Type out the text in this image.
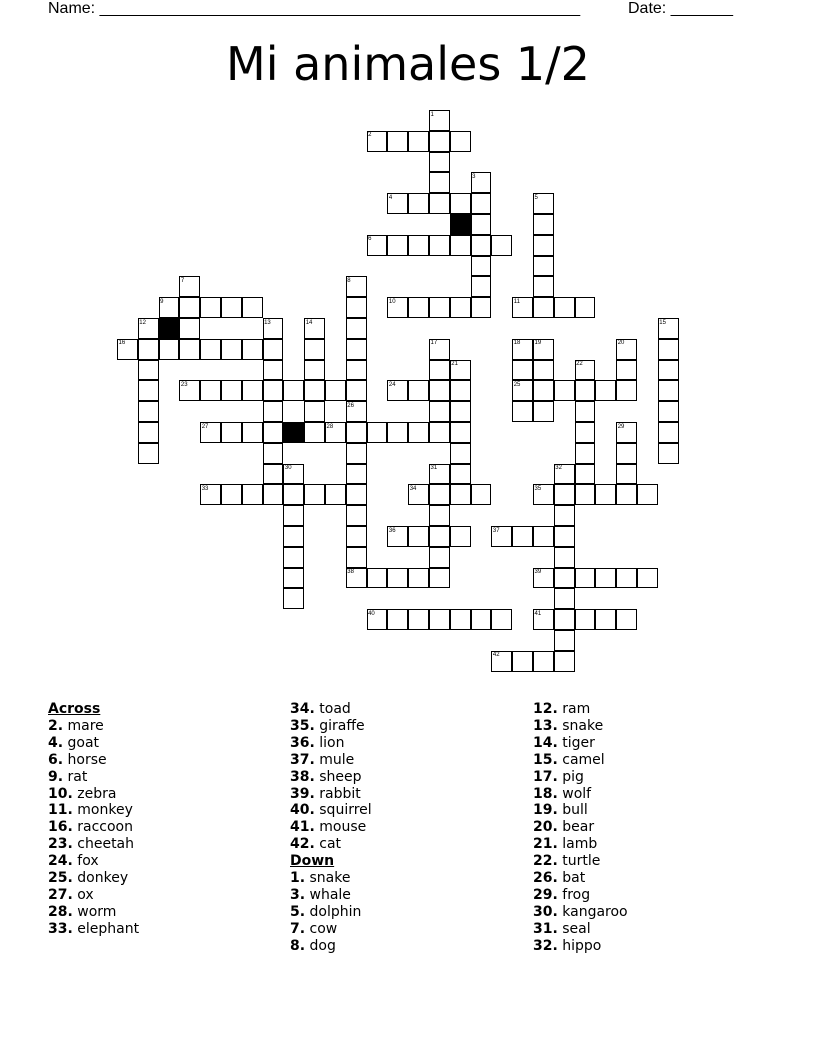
Name: ______________________________________________________	Date: _______
Mi animales 1/2
1
2
3
4	5
6
7	8
9	10	11
12	13	14	15
16	17	18 19	20
21	22
23	24	25
26
27	28	29
30	31	32
33	34	35
36	37
38	39
40	41
42
Across
2. mare
4. goat
6. horse
9. rat
10. zebra
11. monkey
16. raccoon
23. cheetah
24. fox
25. donkey
27. ox
28. worm
33. elephant
34. toad
35. giraffe
36. lion
37. mule
38. sheep
39. rabbit
40. squirrel
41. mouse
42. cat
Down
1. snake
3. whale
5. dolphin
7. cow
8. dog
12. ram
13. snake
14. tiger
15. camel
17. pig
18. wolf
19. bull
20. bear
21. lamb
22. turtle
26. bat
29. frog
30. kangaroo
31. seal
32. hippo
